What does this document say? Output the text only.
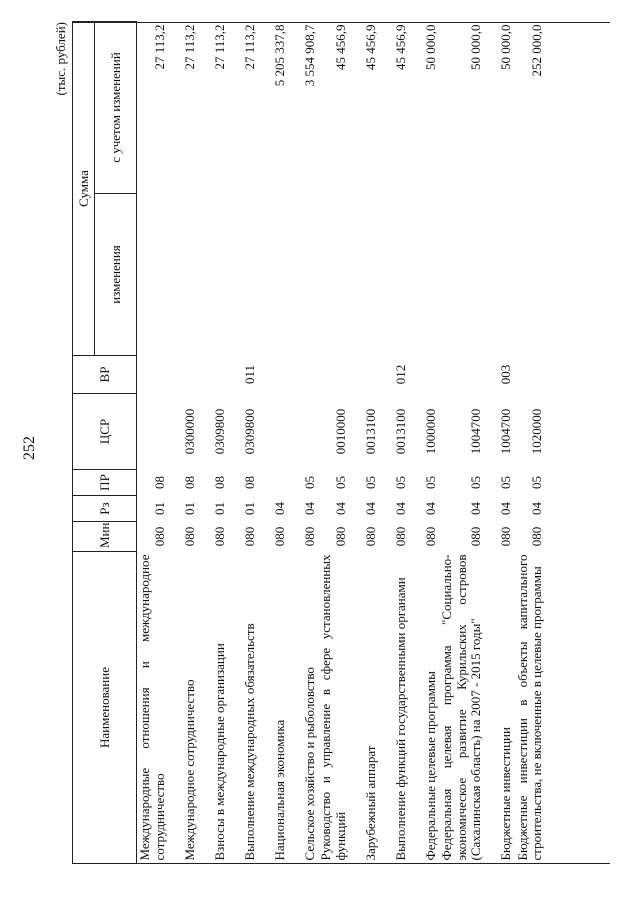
252
(тыс. рублей)
Наименование	Мин	Рз	ПР	ЦСР	ВР	Сумма	
						изменения	с учетом изменений
Международные отношения и международное сотрудничество	080	01	08				27 113,2
Международное сотрудничество	080	01	08	0300000			27 113,2
Взносы в международные организации	080	01	08	0309800			27 113,2
Выполнение международных обязательств	080	01	08	0309800	011		27 113,2
Национальная экономика	080	04					5 205 337,8
Сельское хозяйство и рыболовство	080	04	05				3 554 908,7
Руководство и управление в сфере установленных функций	080	04	05	0010000			45 456,9
Зарубежный аппарат	080	04	05	0013100			45 456,9
Выполнение функций государственными органами	080	04	05	0013100	012		45 456,9
Федеральные целевые программы	080	04	05	1000000			50 000,0
Федеральная целевая программа "Социально-экономическое развитие Курильских островов (Сахалинская область) на 2007 - 2015 годы"	080	04	05	1004700			50 000,0
Бюджетные инвестиции	080	04	05	1004700	003		50 000,0
Бюджетные инвестиции в объекты капитального строительства, не включенные в целевые программы	080	04	05	1020000			252 000,0
